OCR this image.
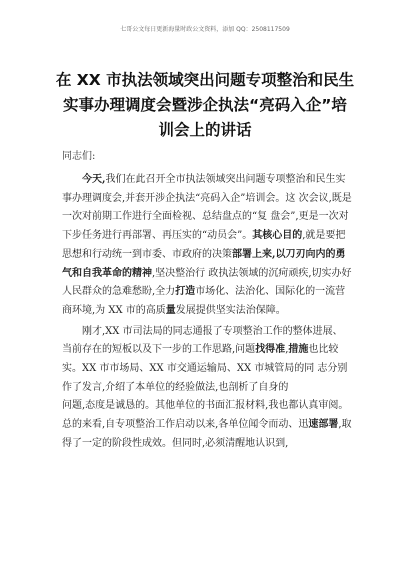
七哥公文每日更新海量时政公文资料，添加 QQ：2508117509
在 XX 市执法领域突出问题专项整治和民生
实事办理调度会暨涉企执法“亮码入企”培
训会上的讲话
同志们:
今天,我们在此召开全市执法领域突出问题专项整治和民生实事办理调度会,并套开涉企执法“亮码入企”培训会。这 次会议,既是一次对前期工作进行全面检视、总结盘点的“复 盘会”,更是一次对下步任务进行再部署、再压实的“动员会”。其核心目的,就是要把思想和行动统一到市委、市政府的决策部署上来,以刀刃向内的勇气和自我革命的精神,坚决整治行 政执法领域的沉疴顽疾,切实办好人民群众的急难愁盼,全力打造市场化、法治化、国际化的一流营商环境,为 XX 市的高质量发展提供坚实法治保障。
刚才,XX 市司法局的同志通报了专项整治工作的整体进展、当前存在的短板以及下一步的工作思路,问题找得准,措施也比较实。XX 市市场局、XX 市交通运输局、XX 市城管局的同 志分别作了发言,介绍了本单位的经验做法,也剖析了自身的
问题,态度是诚恳的。其他单位的书面汇报材料,我也都认真审阅。总的来看,自专项整治工作启动以来,各单位闻令而动、迅速部署,取得了一定的阶段性成效。但同时,必须清醒地认识到,
